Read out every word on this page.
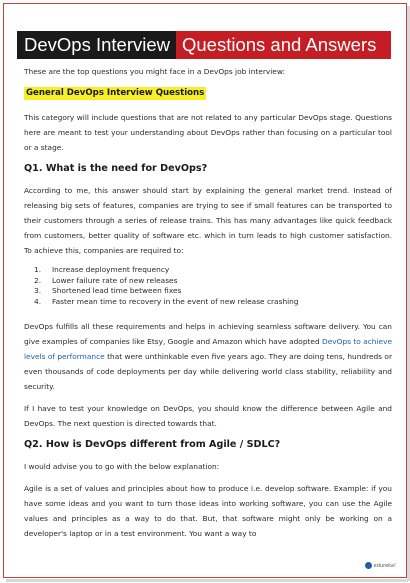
DevOps Interview Questions and Answers

These are the top questions you might face in a DevOps job interview:

General DevOps Interview Questions

This category will include questions that are not related to any particular DevOps stage. Questions here are meant to test your understanding about DevOps rather than focusing on a particular tool or a stage.

Q1. What is the need for DevOps?

According to me, this answer should start by explaining the general market trend. Instead of releasing big sets of features, companies are trying to see if small features can be transported to their customers through a series of release trains. This has many advantages like quick feedback from customers, better quality of software etc. which in turn leads to high customer satisfaction. To achieve this, companies are required to:

1.	Increase deployment frequency
2.	Lower failure rate of new releases
3.	Shortened lead time between fixes
4.	Faster mean time to recovery in the event of new release crashing

DevOps fulfills all these requirements and helps in achieving seamless software delivery. You can give examples of companies like Etsy, Google and Amazon which have adopted DevOps to achieve levels of performance that were unthinkable even five years ago. They are doing tens, hundreds or even thousands of code deployments per day while delivering world class stability, reliability and security.

If I have to test your knowledge on DevOps, you should know the difference between Agile and DevOps. The next question is directed towards that.

Q2. How is DevOps different from Agile / SDLC?

I would advise you to go with the below explanation:

Agile is a set of values and principles about how to produce i.e. develop software. Example: if you have some ideas and you want to turn those ideas into working software, you can use the Agile values and principles as a way to do that. But, that software might only be working on a developer's laptop or in a test environment. You want a way to

edureka!
